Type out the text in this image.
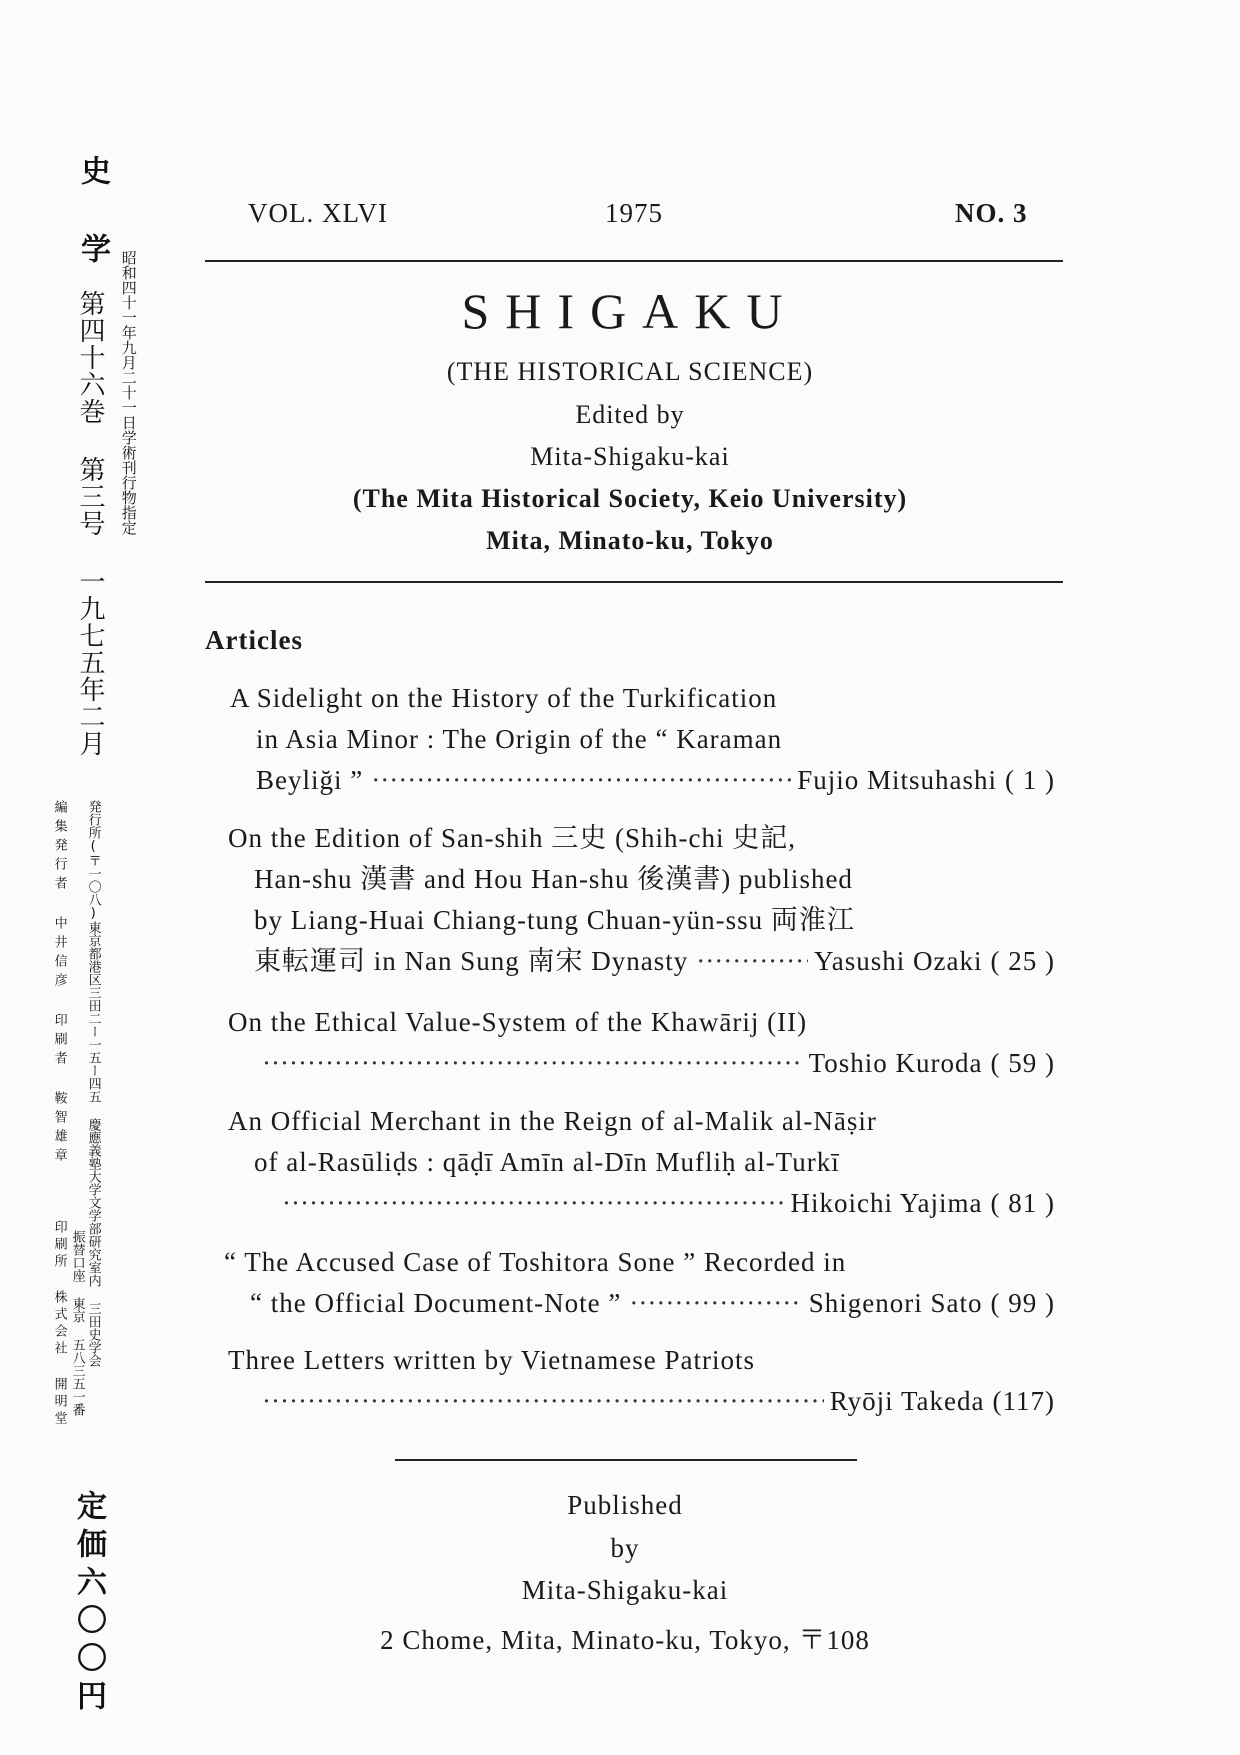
史学
第四十六巻 第三号 一九七五年二月 昭和四十一年九月二十一日学術刊行物指定
発行所(〒一〇八)東京都港区三田二ー一五ー四五 慶應義塾大学文学部研究室内 三田史学会
振替口座 東京 五八三五一番
編集発行者 中井信彦 印刷者 鞍智雄章
印刷所 株式会社 開明堂
定価六〇〇円
VOL. XLVI	1975	NO. 3
SHIGAKU
(THE HISTORICAL SCIENCE)
Edited by
Mita-Shigaku-kai
(The Mita Historical Society, Keio University)
Mita, Minato-ku, Tokyo
Articles
A Sidelight on the History of the Turkification
in Asia Minor : The Origin of the “ Karaman
Beyliği ” ·····	Fujio Mitsuhashi ( 1 )
On the Edition of San-shih 三史 (Shih-chi 史記,
Han-shu 漢書 and Hou Han-shu 後漢書) published
by Liang-Huai Chiang-tung Chuan-yün-ssu 両淮江
東転運司 in Nan Sung 南宋 Dynasty ·····	Yasushi Ozaki ( 25 )
On the Ethical Value-System of the Khawārij (II)
·····
Toshio Kuroda ( 59 )
An Official Merchant in the Reign of al-Malik al-Nāṣir
of al-Rasūliḍs : qāḍī Amīn al-Dīn Mufliḥ al-Turkī
·····
Hikoichi Yajima ( 81 )
“ The Accused Case of Toshitora Sone ” Recorded in
“ the Official Document-Note ” ·····	Shigenori Sato ( 99 )
Three Letters written by Vietnamese Patriots
·····
Ryōji Takeda (117)
Published
by
Mita-Shigaku-kai
2 Chome, Mita, Minato-ku, Tokyo, 〒108
